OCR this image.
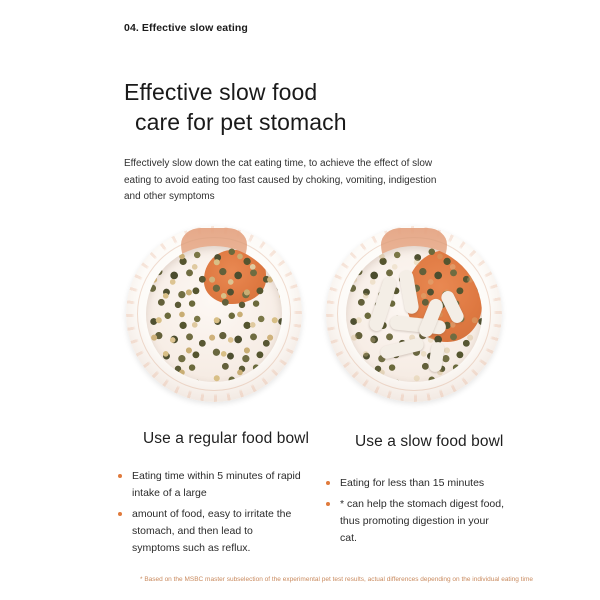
04. Effective slow eating
Effective slow food
care for pet stomach

Effectively slow down the cat eating time, to achieve the effect of slow eating to avoid eating too fast caused by choking, vomiting, indigestion and other symptoms

Use a regular food bowl	Use a slow food bowl
Eating time within 5 minutes of rapid intake of a large
amount of food, easy to irritate the stomach, and then lead to symptoms such as reflux.
Eating for less than 15 minutes
* can help the stomach digest food, thus promoting digestion in your cat.
* Based on the MSBC master subselection of the experimental pet test results, actual differences depending on the individual eating time
